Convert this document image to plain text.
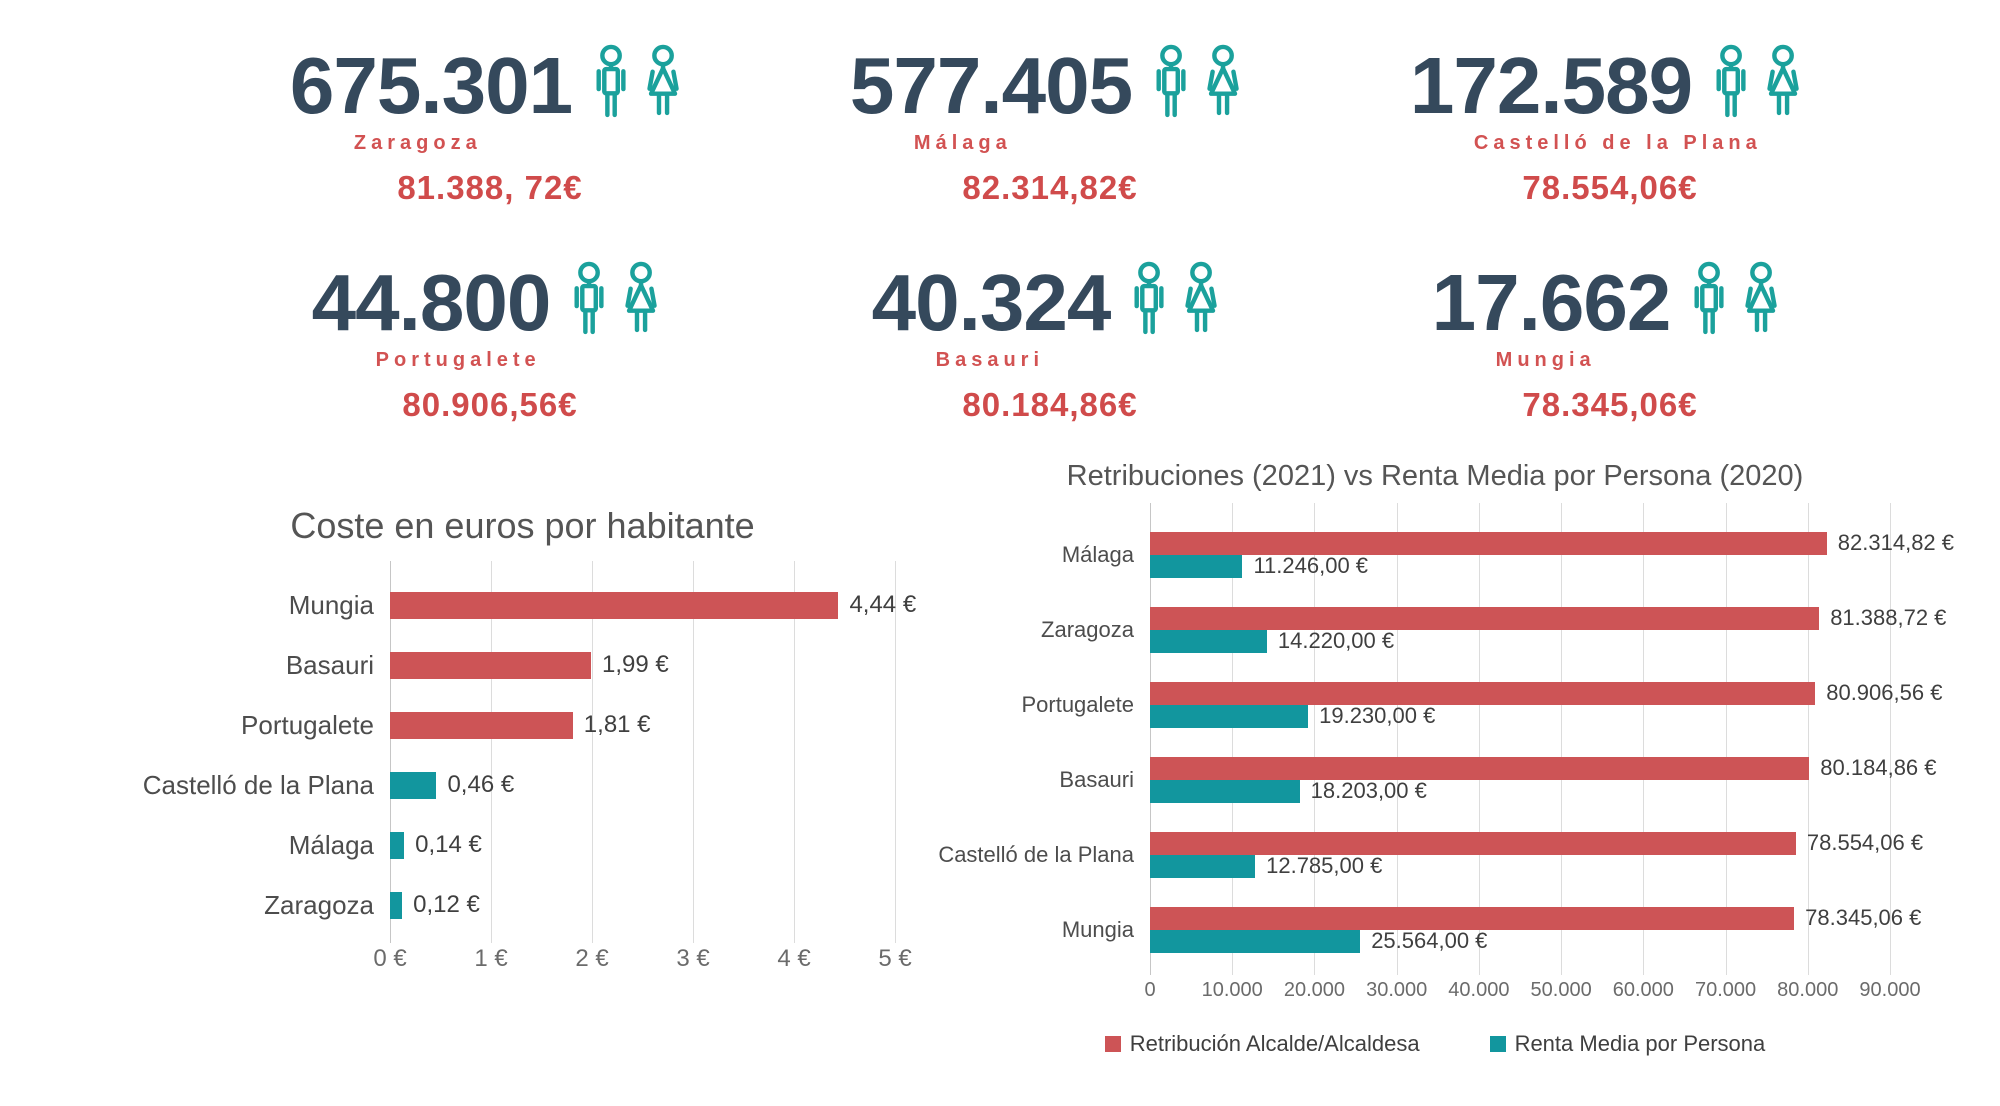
675.301
Zaragoza
81.388, 72€
577.405
Málaga
82.314,82€
172.589
Castelló de la Plana
78.554,06€
44.800
Portugalete
80.906,56€
40.324
Basauri
80.184,86€
17.662
Mungia
78.345,06€
Coste en euros por habitante
Mungia
Basauri
Portugalete
Castelló de la Plana
Málaga
Zaragoza
4,44 €
1,99 €
1,81 €
0,46 €
0,14 €
0,12 €
0 €	1 €	2 €	3 €	4 €	5 €
Retribuciones (2021) vs Renta Media por Persona (2020)
Málaga
Zaragoza
Portugalete
Basauri
Castelló de la Plana
Mungia
82.314,82 €
11.246,00 €
81.388,72 €
14.220,00 €
80.906,56 €
19.230,00 €
80.184,86 €
18.203,00 €
78.554,06 €
12.785,00 €
78.345,06 €
25.564,00 €
0 10.000 20.000 30.000 40.000 50.000 60.000 70.000 80.000 90.000
Retribución Alcalde/Alcaldesa	Renta Media por Persona
